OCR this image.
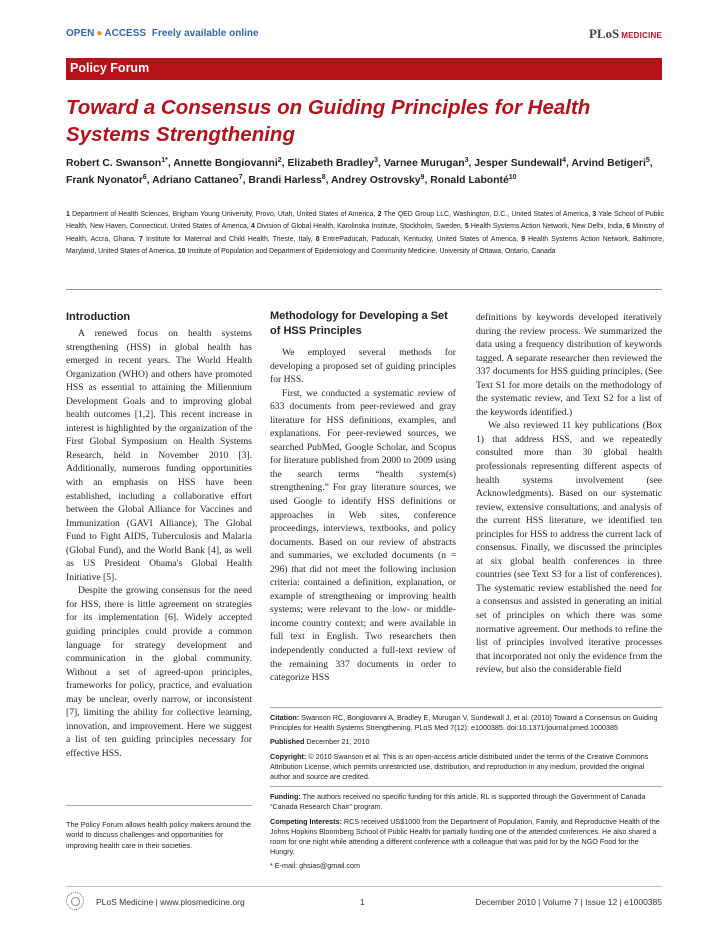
OPEN ● ACCESS Freely available online	PLoS MEDICINE
Policy Forum
Toward a Consensus on Guiding Principles for Health Systems Strengthening
Robert C. Swanson$^{1*}$, Annette Bongiovanni$^2$, Elizabeth Bradley$^3$, Varnee Murugan$^3$, Jesper Sundewall$^4$, Arvind Betigeri$^5$, Frank Nyonator$^6$, Adriano Cattaneo$^7$, Brandi Harless$^8$, Andrey Ostrovsky$^9$, Ronald Labonté$^{10}$
1 Department of Health Sciences, Brigham Young University, Provo, Utah, United States of America, 2 The QED Group LLC, Washington, D.C., United States of America, 3 Yale School of Public Health, New Haven, Connecticut, United States of America, 4 Division of Global Health, Karolinska Institute, Stockholm, Sweden, 5 Health Systems Action Network, New Delhi, India, 6 Ministry of Health, Accra, Ghana, 7 Institute for Maternal and Child Health, Trieste, Italy, 8 EntrePaducah, Paducah, Kentucky, United States of America, 9 Health Systems Action Network, Baltimore, Maryland, United States of America, 10 Institute of Population and Department of Epidemiology and Community Medicine, University of Ottawa, Ontario, Canada
Introduction

A renewed focus on health systems strengthening (HSS) in global health has emerged in recent years. The World Health Organization (WHO) and others have promoted HSS as essential to attaining the Millennium Development Goals and to improving global health outcomes [1,2]. This recent increase in interest is highlighted by the organization of the First Global Symposium on Health Systems Research, held in November 2010 [3]. Additionally, numerous funding opportunities with an emphasis on HSS have been established, including a collaborative effort between the Global Alliance for Vaccines and Immunization (GAVI Alliance), The Global Fund to Fight AIDS, Tuberculosis and Malaria (Global Fund), and the World Bank [4], as well as US President Obama's Global Health Initiative [5].

Despite the growing consensus for the need for HSS, there is little agreement on strategies for its implementation [6]. Widely accepted guiding principles could provide a common language for strategy development and communication in the global community. Without a set of agreed-upon principles, frameworks for policy, practice, and evaluation may be unclear, overly narrow, or inconsistent [7], limiting the ability for collective learning, innovation, and improvement. Here we suggest a list of ten guiding principles necessary for effective HSS.

Methodology for Developing a Set of HSS Principles

We employed several methods for developing a proposed set of guiding principles for HSS.

First, we conducted a systematic review of 633 documents from peer-reviewed and gray literature for HSS definitions, examples, and explanations. For peer-reviewed sources, we searched PubMed, Google Scholar, and Scopus for literature published from 2000 to 2009 using the search terms “health system(s) strengthening.” For gray literature sources, we used Google to identify HSS definitions or approaches in Web sites, conference proceedings, interviews, textbooks, and policy documents. Based on our review of abstracts and summaries, we excluded documents (n = 296) that did not meet the following inclusion criteria: contained a definition, explanation, or example of strengthening or improving health systems; were relevant to the low- or middle-income country context; and were available in full text in English. Two researchers then independently conducted a full-text review of the remaining 337 documents in order to categorize HSS

definitions by keywords developed iteratively during the review process. We summarized the data using a frequency distribution of keywords tagged. A separate researcher then reviewed the 337 documents for HSS guiding principles. (See Text S1 for more details on the methodology of the systematic review, and Text S2 for a list of the keywords identified.)

We also reviewed 11 key publications (Box 1) that address HSS, and we repeatedly consulted more than 30 global health professionals representing different aspects of health systems involvement (see Acknowledgments). Based on our systematic review, extensive consultations, and analysis of the current HSS literature, we identified ten principles for HSS to address the current lack of consensus. Finally, we discussed the principles at six global health conferences in three countries (see Text S3 for a list of conferences). The systematic review established the need for a consensus and assisted in generating an initial set of principles on which there was some normative agreement. Our methods to refine the list of principles involved iterative processes that incorporated not only the evidence from the review, but also the considerable field

Citation: Swanson RC, Bongiovanni A, Bradley E, Murugan V, Sundewall J, et al. (2010) Toward a Consensus on Guiding Principles for Health Systems Strengthening. PLoS Med 7(12): e1000385. doi:10.1371/journal.pmed.1000385
Published December 21, 2010
Copyright: © 2010 Swanson et al. This is an open-access article distributed under the terms of the Creative Commons Attribution License, which permits unrestricted use, distribution, and reproduction in any medium, provided the original author and source are credited.
Funding: The authors received no specific funding for this article. RL is supported through the Government of Canada “Canada Research Chair” program.
Competing Interests: RCS received US$1000 from the Department of Population, Family, and Reproductive Health of the Johns Hopkins Bloomberg School of Public Health for partially funding one of the attended conferences. He also shared a room for one night while attending a different conference with a colleague that was paid for by the NGO Food for the Hungry.
* E-mail: ghsias@gmail.com
The Policy Forum allows health policy makers around the world to discuss challenges and opportunities for improving health care in their societies.
PLoS Medicine | www.plosmedicine.org	1	December 2010 | Volume 7 | Issue 12 | e1000385
